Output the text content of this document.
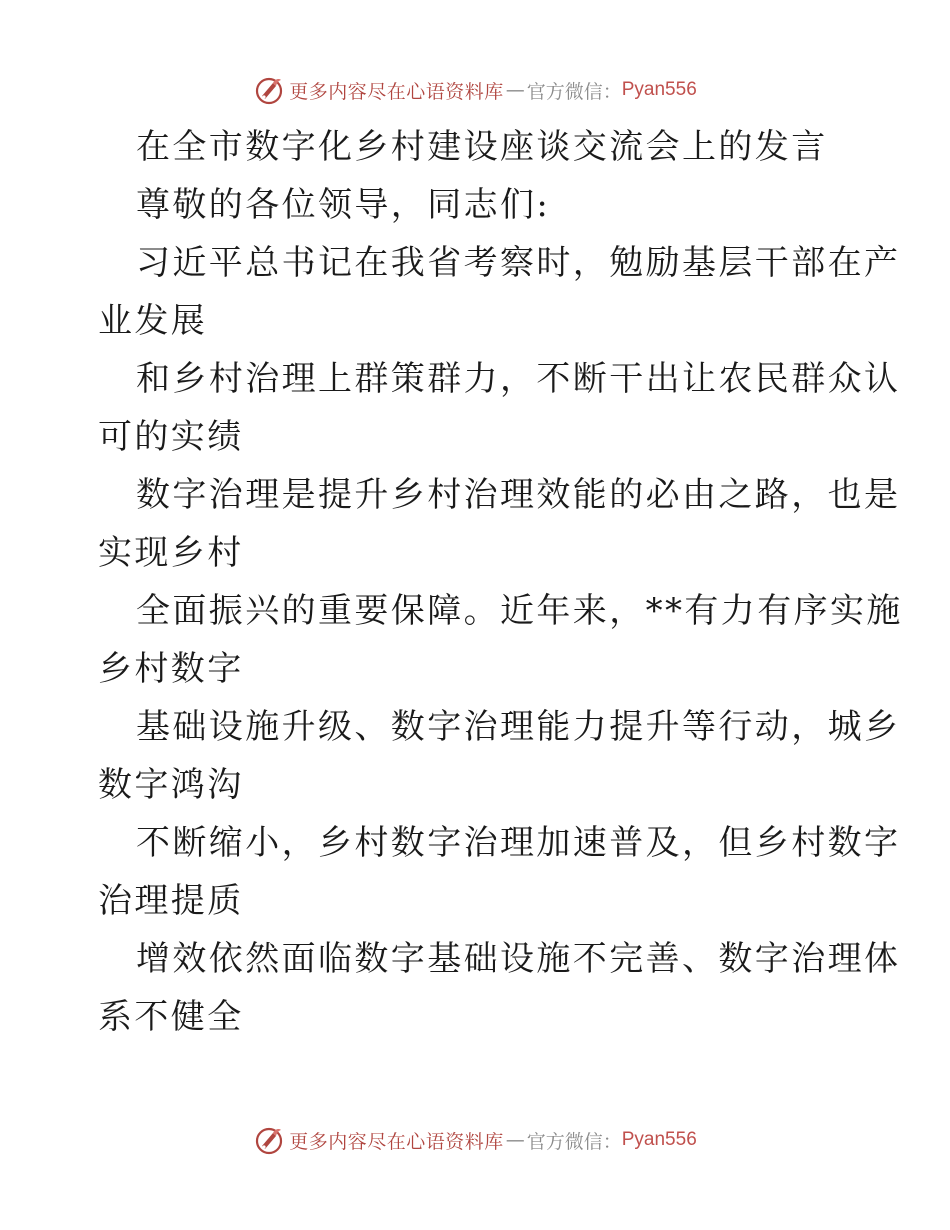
更多内容尽在心语资料库 — 官方微信： Pyan556
在全市数字化乡村建设座谈交流会上的发言
尊敬的各位领导，同志们:
习近平总书记在我省考察时，勉励基层干部在产
业发展
和乡村治理上群策群力，不断干出让农民群众认
可的实绩
数字治理是提升乡村治理效能的必由之路，也是
实现乡村
全面振兴的重要保障。近年来，**有力有序实施
乡村数字
基础设施升级、数字治理能力提升等行动，城乡
数字鸿沟
不断缩小，乡村数字治理加速普及，但乡村数字
治理提质
增效依然面临数字基础设施不完善、数字治理体
系不健全
更多内容尽在心语资料库 — 官方微信： Pyan556
